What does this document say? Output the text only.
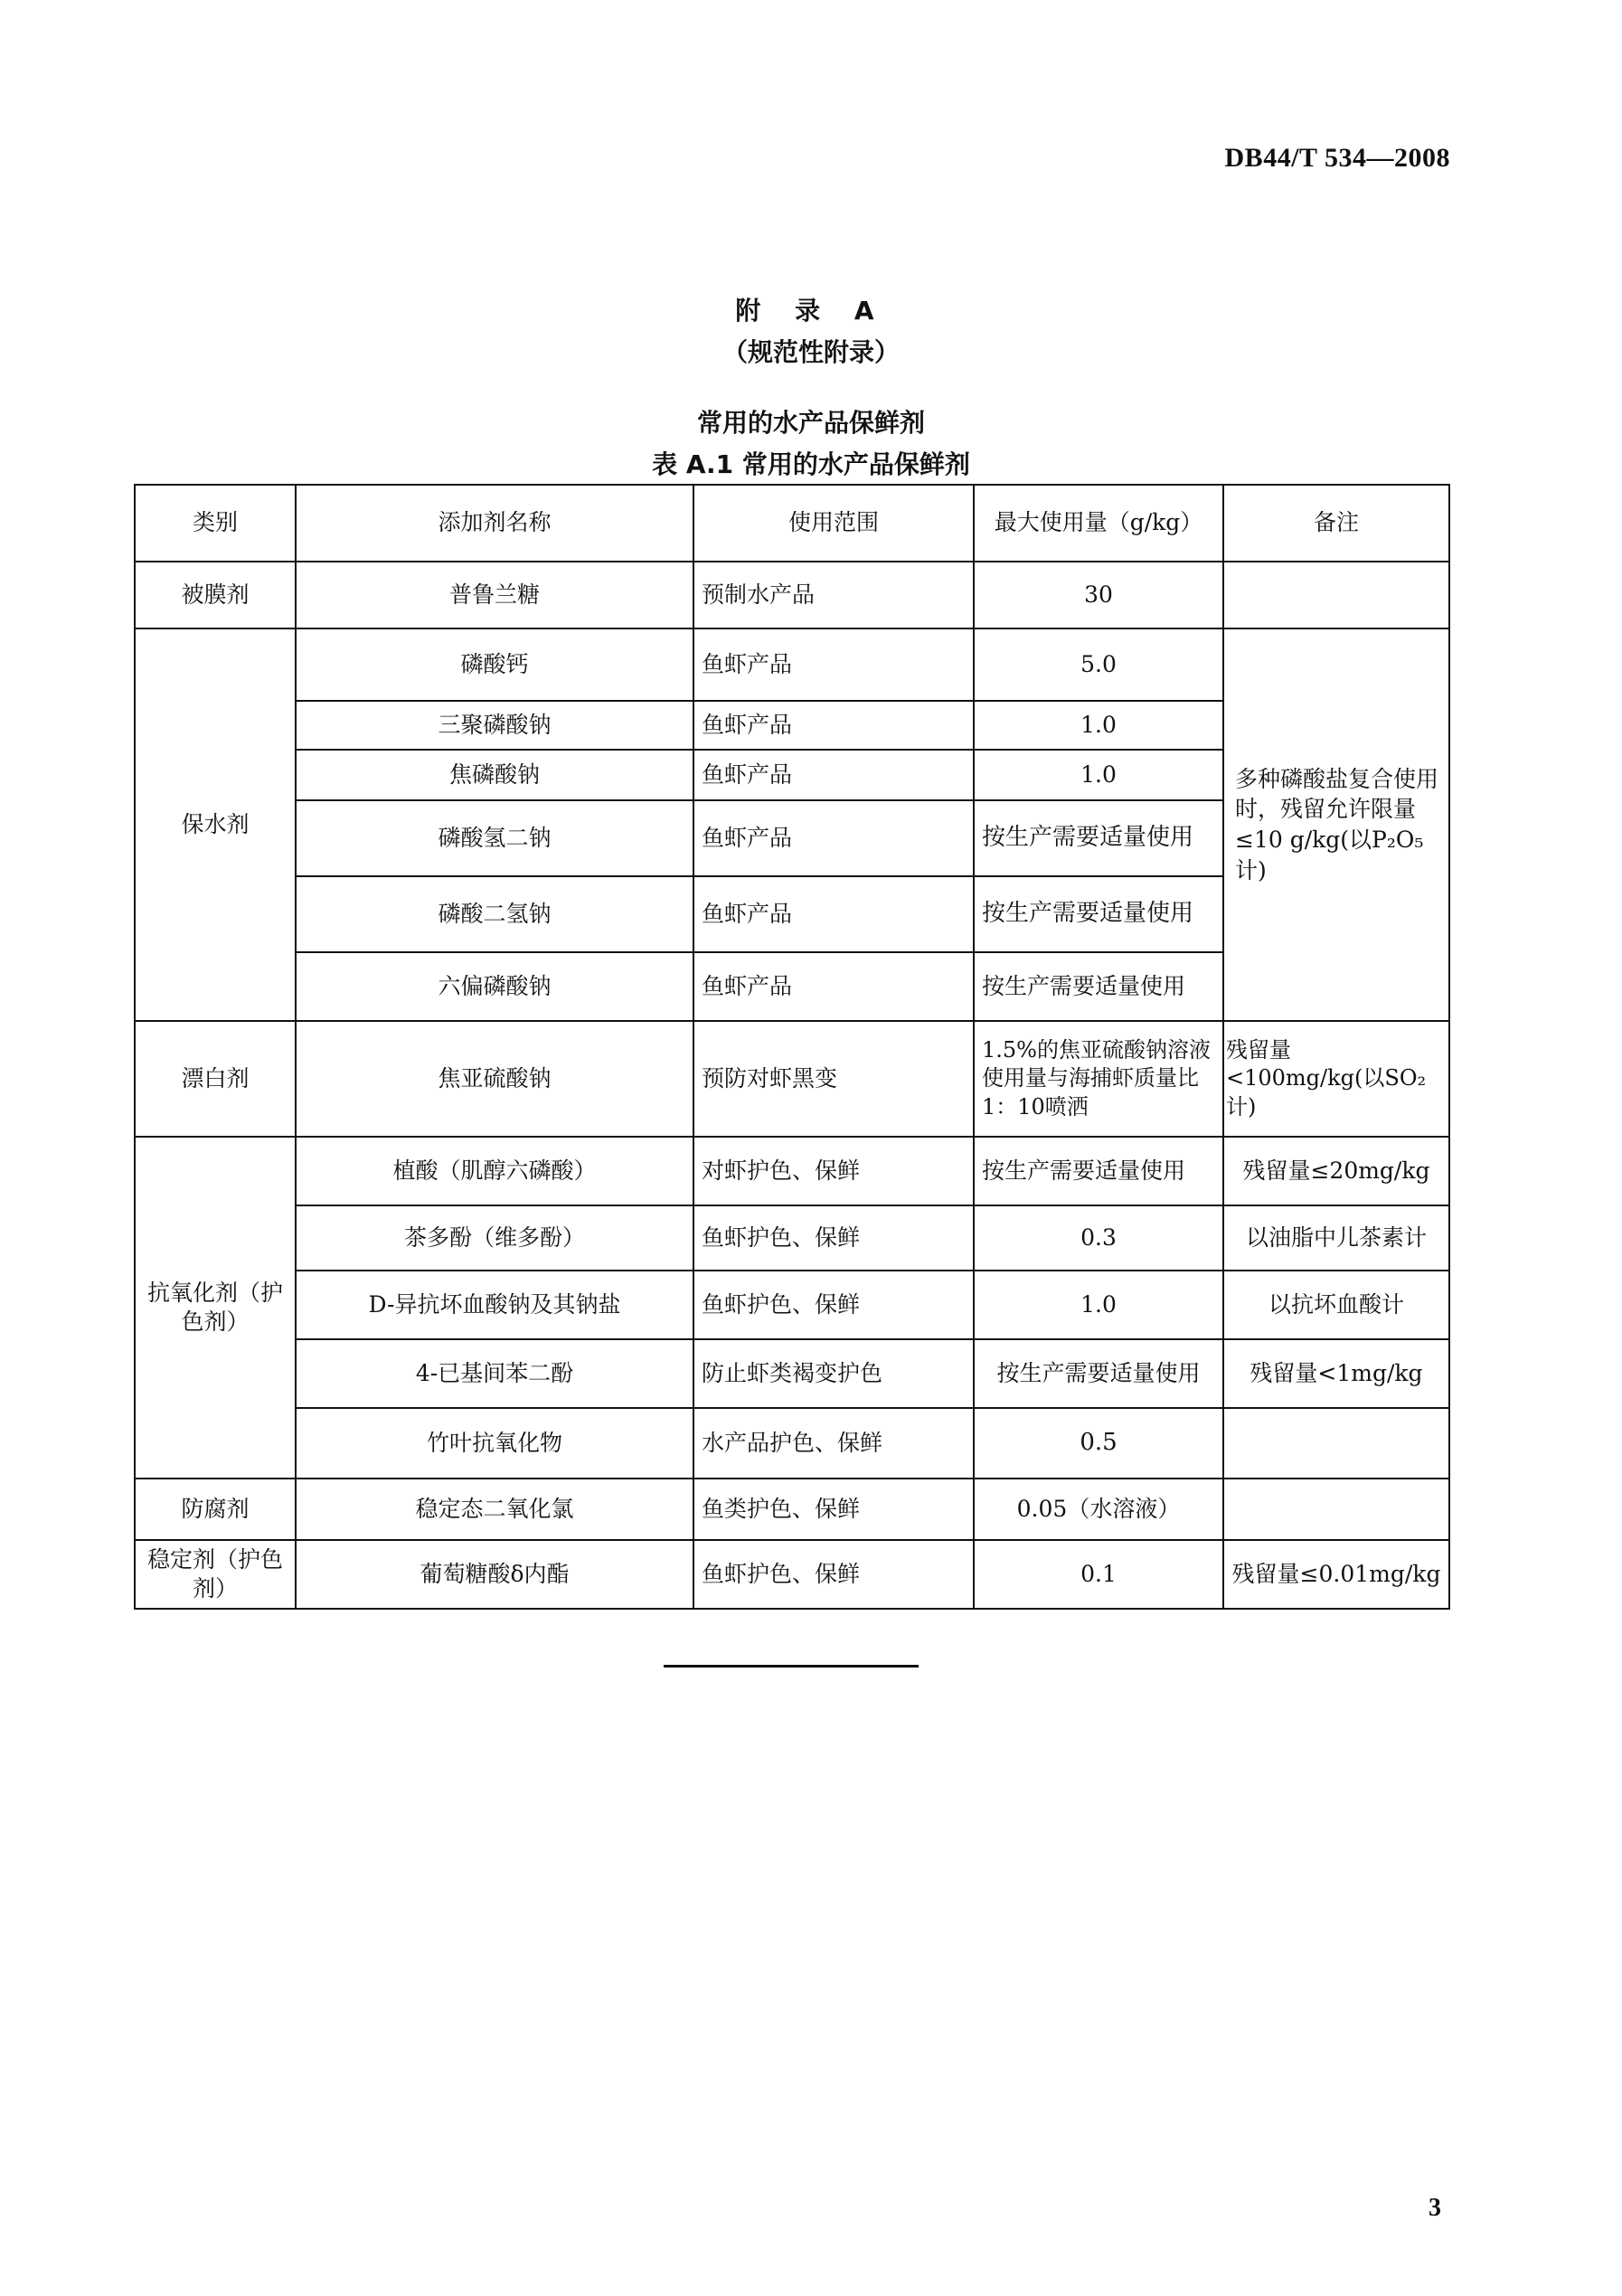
DB44/T 534—2008
附 录 A
（规范性附录）
常用的水产品保鲜剂
表 A.1 常用的水产品保鲜剂
类别	添加剂名称	使用范围	最大使用量（g/kg）	备注
被膜剂	普鲁兰糖	预制水产品	30	
保水剂	磷酸钙	鱼虾产品	5.0	多种磷酸盐复合使用时，残留允许限量≤10 g/kg(以P₂O₅计)
	三聚磷酸钠	鱼虾产品	1.0	
	焦磷酸钠	鱼虾产品	1.0	
	磷酸氢二钠	鱼虾产品	按生产需要适量使用	
	磷酸二氢钠	鱼虾产品	按生产需要适量使用	
	六偏磷酸钠	鱼虾产品	按生产需要适量使用	
漂白剂	焦亚硫酸钠	预防对虾黑变	1.5%的焦亚硫酸钠溶液使用量与海捕虾质量比1：10喷洒	残留量<100mg/kg(以SO₂计)
抗氧化剂（护色剂）	植酸（肌醇六磷酸）	对虾护色、保鲜	按生产需要适量使用	残留量≤20mg/kg
	茶多酚（维多酚）	鱼虾护色、保鲜	0.3	以油脂中儿茶素计
	D-异抗坏血酸钠及其钠盐	鱼虾护色、保鲜	1.0	以抗坏血酸计
	4-已基间苯二酚	防止虾类褐变护色	按生产需要适量使用	残留量<1mg/kg
	竹叶抗氧化物	水产品护色、保鲜	0.5	
防腐剂	稳定态二氧化氯	鱼类护色、保鲜	0.05（水溶液）	
稳定剂（护色剂）	葡萄糖酸δ内酯	鱼虾护色、保鲜	0.1	残留量≤0.01mg/kg
3
